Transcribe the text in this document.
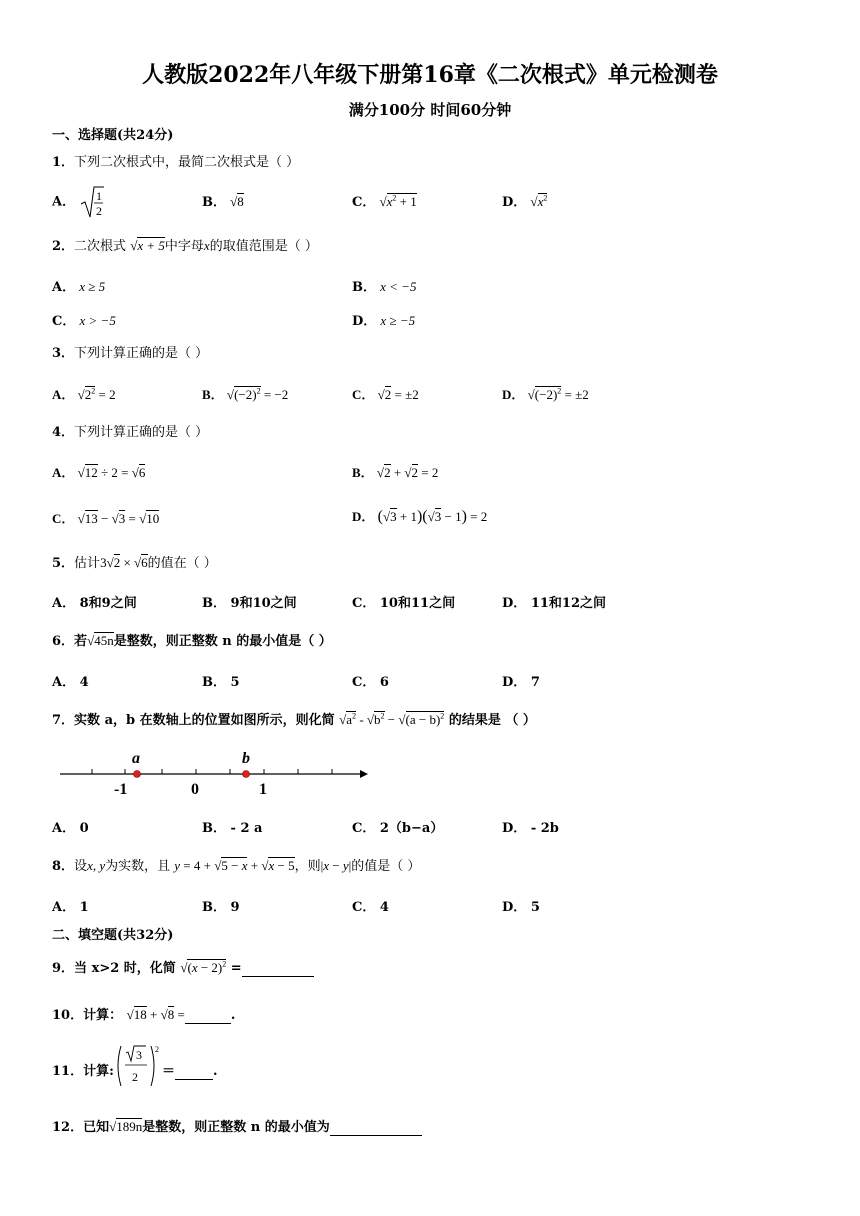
人教版2022年八年级下册第16章《二次根式》单元检测卷
满分100分 时间60分钟
一、选择题(共24分)
1．下列二次根式中，最简二次根式是（ ）
A． 1
2
B． √8	C． $√x^2 + 1$	D． $√x^2$
2．二次根式 √x + 5中字母x的取值范围是（ ）
A． x ≥ 5	B． x < −5
C． x > −5	D． x ≥ −5
3．下列计算正确的是（ ）
A． $√2^2 = 2$	B． $√(-2)^2 = -2$	C． √2 = ±2	D． $√(-2)^2 = \pm 2$
4．下列计算正确的是（ ）
A． √12 ÷ 2 = √6	B． √2 + √2 = 2
C． √13 − √3 = √10	D． (√3 + 1)(√3 − 1) = 2
5．估计3√2 × √6的值在（ ）
A． 8和9之间	B． 9和10之间	C． 10和11之间	D． 11和12之间
6．若√45n是整数，则正整数 n 的最小值是（ ）
A． 4	B． 5	C． 6	D． 7
7．实数 a，b 在数轴上的位置如图所示，则化简 $√a^2 - √b^2 - √(a - b)^2$ 的结果是 （ ）
a	b
-1	0	1
A． 0	B． - 2 a	C． 2（b−a）	D． - 2b
8．设x, y为实数，且 y = 4 + √5 − x + √x − 5，则|x − y|的值是（ ）
A． 1	B． 9	C． 4	D． 5
二、填空题(共32分)
9．当 x>2 时，化简 $√(x - 2)^2$ =
10．计算： √18 + √8 =	.
11．计算:
3
2
2
＝	.
12．已知√189n是整数，则正整数 n 的最小值为
